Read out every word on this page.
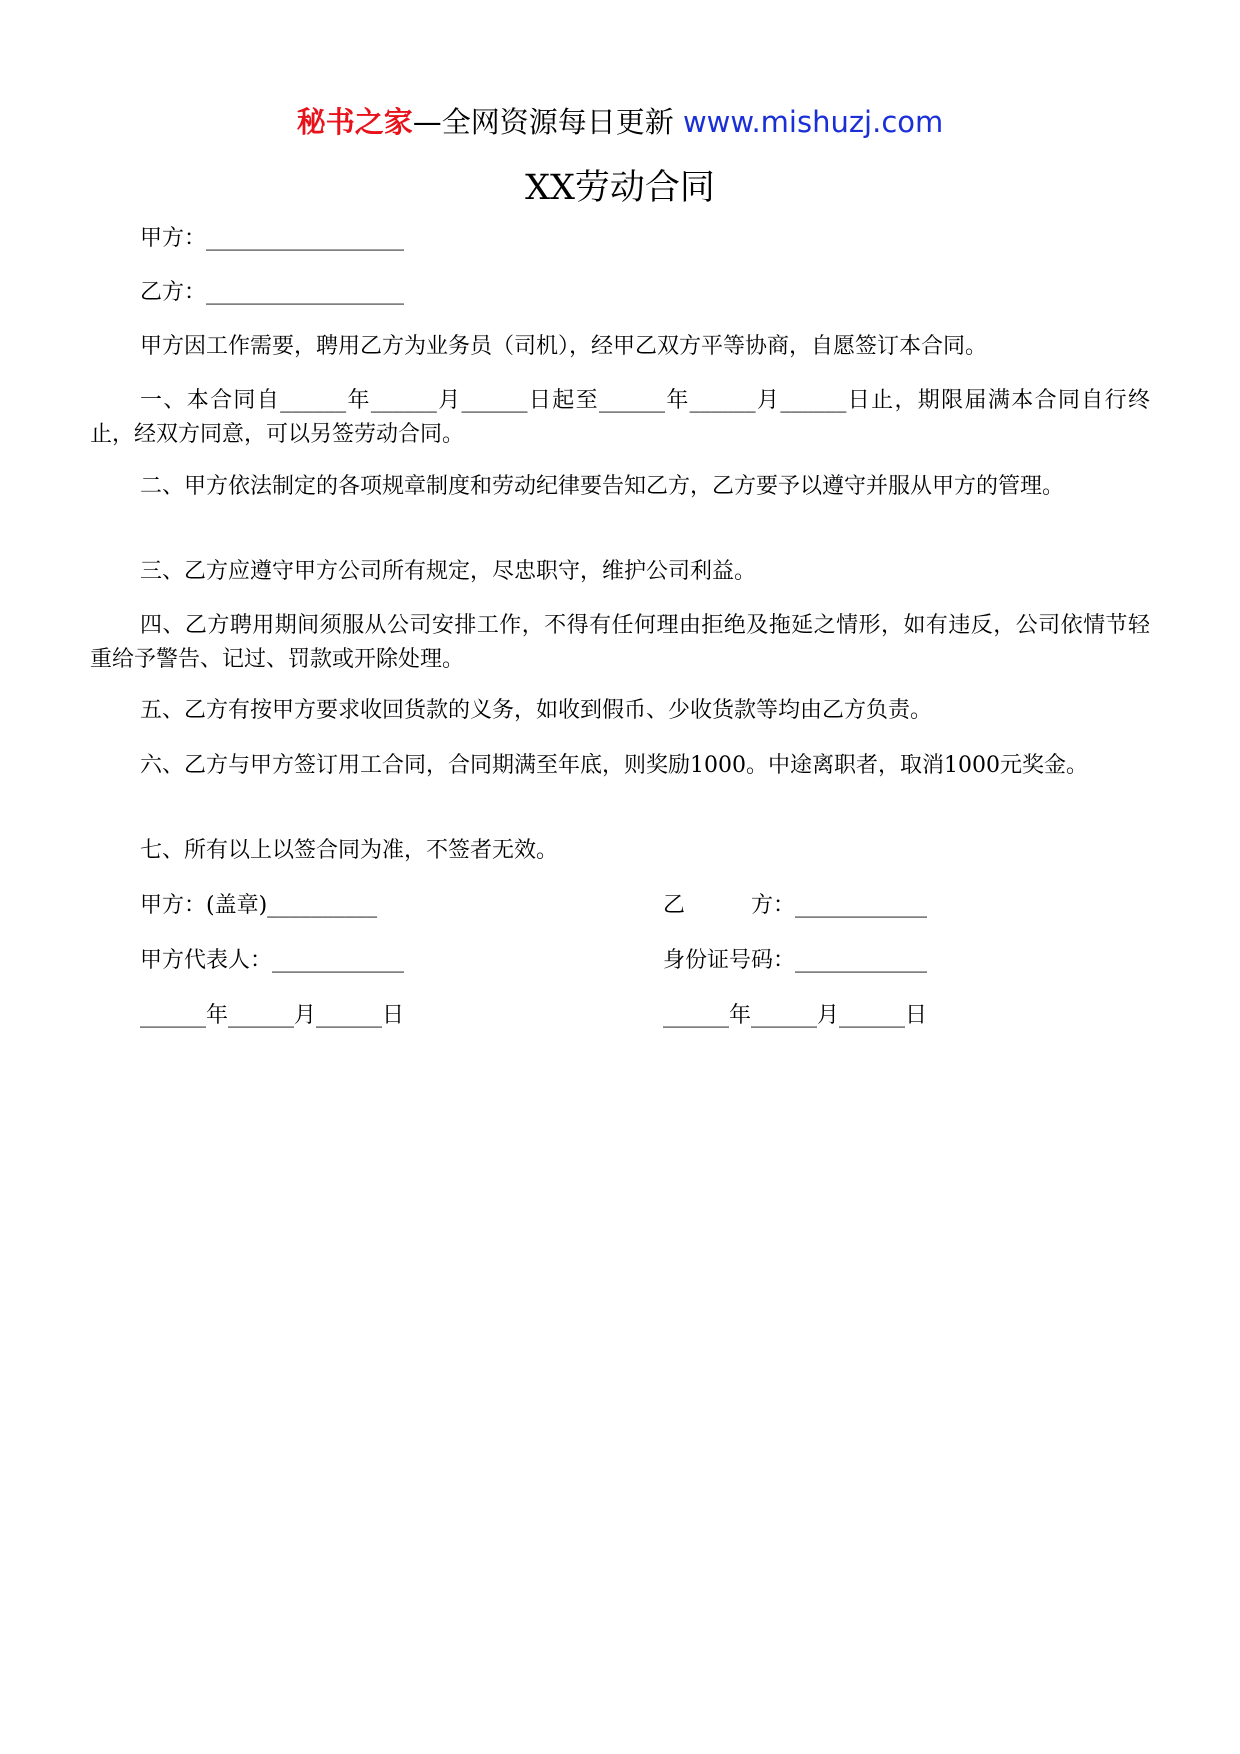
秘书之家—全网资源每日更新 www.mishuzj.com
XX劳动合同

甲方：__________________

乙方：__________________

甲方因工作需要，聘用乙方为业务员（司机），经甲乙双方平等协商，自愿签订本合同。

一、本合同自______年______月______日起至______年______月______日止，期限届满本合同自行终止，经双方同意，可以另签劳动合同。

二、甲方依法制定的各项规章制度和劳动纪律要告知乙方，乙方要予以遵守并服从甲方的管理。

三、乙方应遵守甲方公司所有规定，尽忠职守，维护公司利益。

四、乙方聘用期间须服从公司安排工作，不得有任何理由拒绝及拖延之情形，如有违反，公司依情节轻重给予警告、记过、罚款或开除处理。

五、乙方有按甲方要求收回货款的义务，如收到假币、少收货款等均由乙方负责。

六、乙方与甲方签订用工合同，合同期满至年底，则奖励1000。中途离职者，取消1000元奖金。

七、所有以上以签合同为准，不签者无效。

甲方：(盖章)__________
甲方代表人：____________
______年______月______日
乙　　　方：____________
身份证号码：____________
______年______月______日
